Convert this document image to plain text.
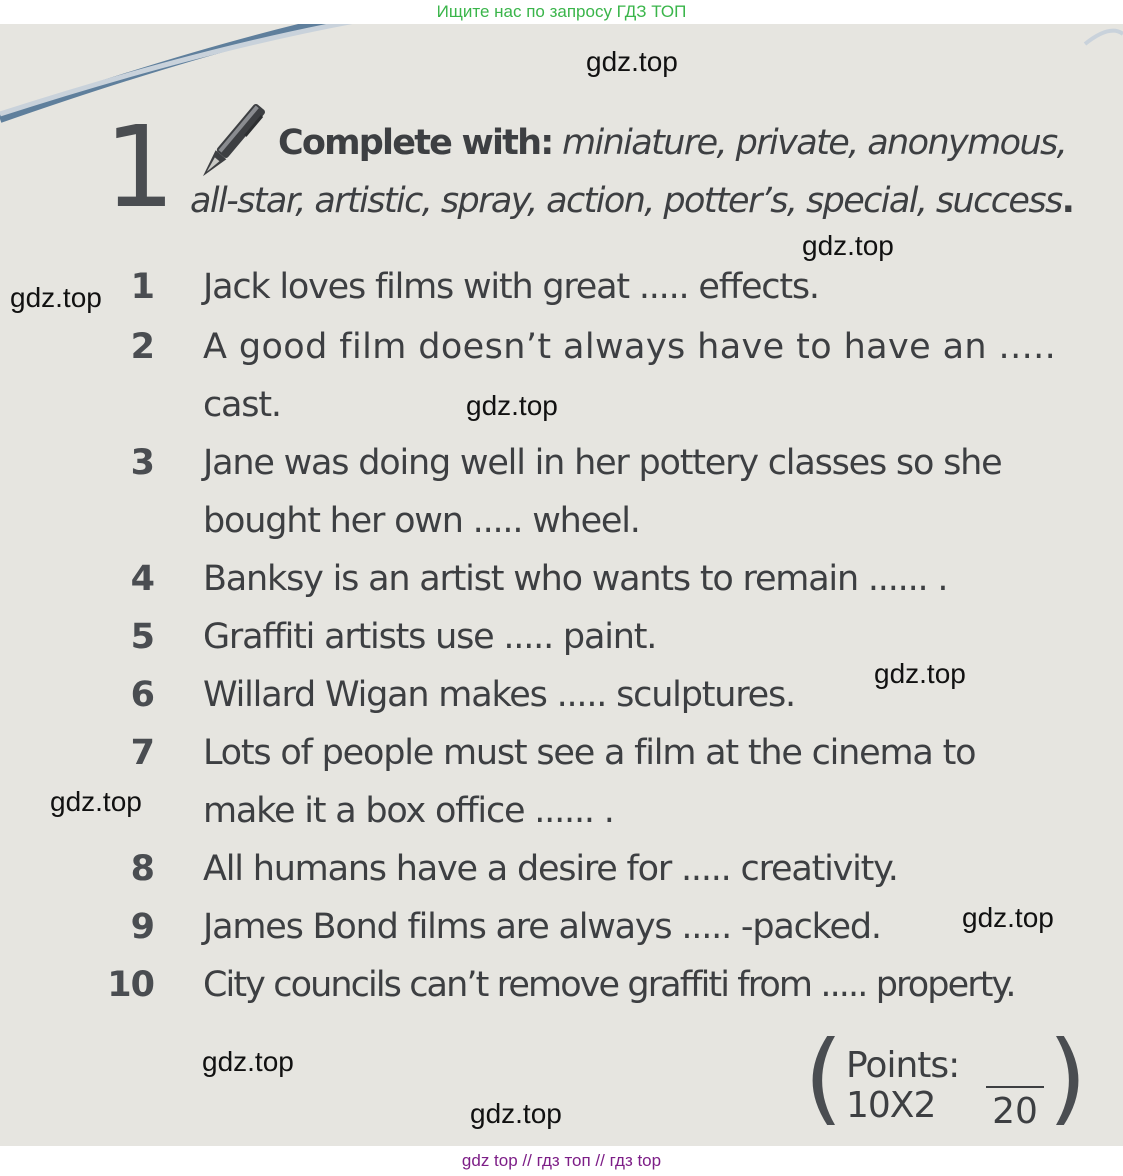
Ищите нас по запросу ГДЗ ТОП
1	Complete with: miniature, private, anonymous,
all-star, artistic, spray, action, potter’s, special, success.
1 Jack loves films with great ..... effects.
2 A good film doesn’t always have to have an .....
cast.
3 Jane was doing well in her pottery classes so she
bought her own ..... wheel.
4 Banksy is an artist who wants to remain ...... .
5 Graffiti artists use ..... paint.
6 Willard Wigan makes ..... sculptures.
7 Lots of people must see a film at the cinema to
make it a box office ...... .
8 All humans have a desire for ..... creativity.
9 James Bond films are always ..... -packed.
10 City councils can’t remove graffiti from ..... property.
( Points:
10X2 20 )
gdz.top
gdz.top
gdz.top
gdz.top
gdz.top
gdz.top
gdz.top
gdz.top
gdz.top
gdz top // гдз топ // гдз top
